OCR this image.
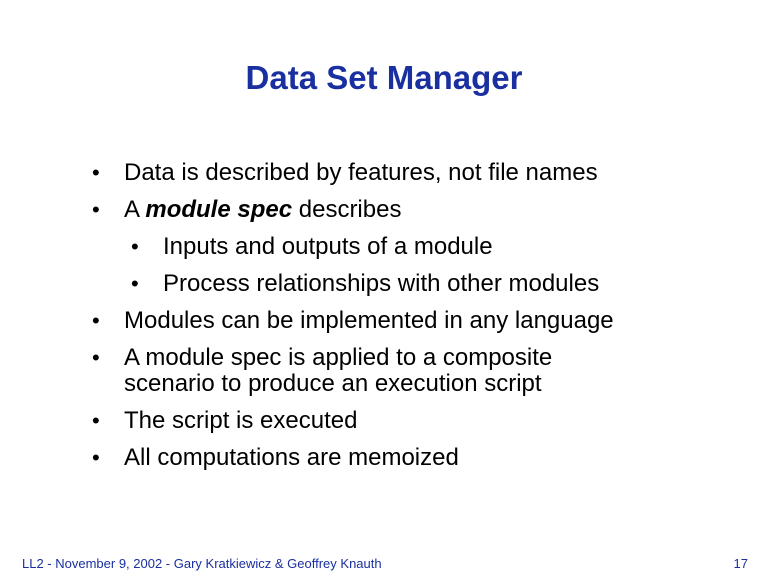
Data Set Manager
•	Data is described by features, not file names
•	A module spec describes
•	Inputs and outputs of a module
•	Process relationships with other modules
•	Modules can be implemented in any language
•	A module spec is applied to a composite
scenario to produce an execution script
•	The script is executed
•	All computations are memoized
LL2 - November 9, 2002 - Gary Kratkiewicz & Geoffrey Knauth	17
